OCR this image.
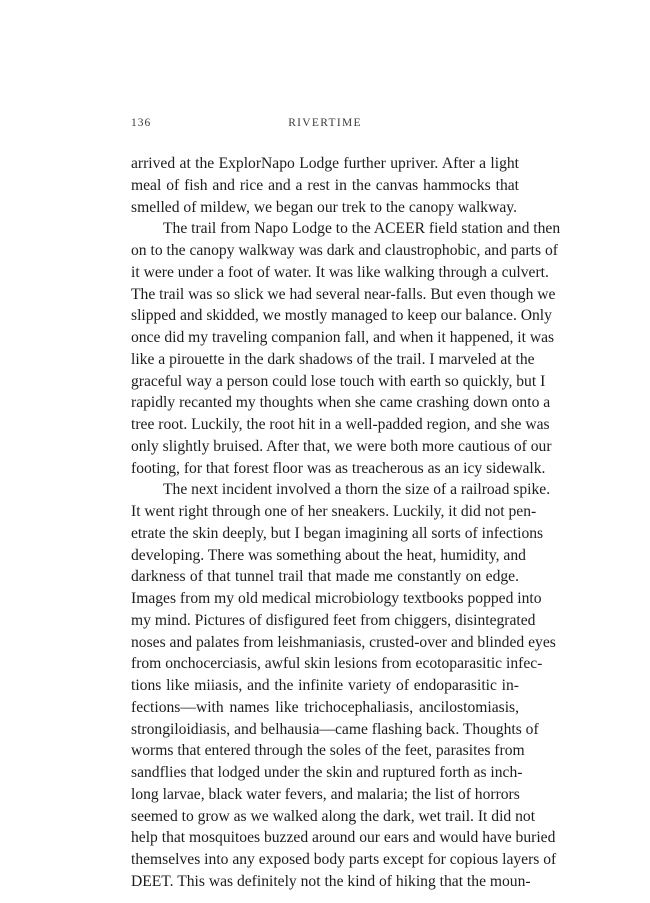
136	RIVERTIME
arrived at the ExplorNapo Lodge further upriver. After a light
meal of fish and rice and a rest in the canvas hammocks that
smelled of mildew, we began our trek to the canopy walkway.
The trail from Napo Lodge to the ACEER field station and then
on to the canopy walkway was dark and claustrophobic, and parts of
it were under a foot of water. It was like walking through a culvert.
The trail was so slick we had several near-falls. But even though we
slipped and skidded, we mostly managed to keep our balance. Only
once did my traveling companion fall, and when it happened, it was
like a pirouette in the dark shadows of the trail. I marveled at the
graceful way a person could lose touch with earth so quickly, but I
rapidly recanted my thoughts when she came crashing down onto a
tree root. Luckily, the root hit in a well-padded region, and she was
only slightly bruised. After that, we were both more cautious of our
footing, for that forest floor was as treacherous as an icy sidewalk.
The next incident involved a thorn the size of a railroad spike.
It went right through one of her sneakers. Luckily, it did not pen-
etrate the skin deeply, but I began imagining all sorts of infections
developing. There was something about the heat, humidity, and
darkness of that tunnel trail that made me constantly on edge.
Images from my old medical microbiology textbooks popped into
my mind. Pictures of disfigured feet from chiggers, disintegrated
noses and palates from leishmaniasis, crusted-over and blinded eyes
from onchocerciasis, awful skin lesions from ecotoparasitic infec-
tions like miiasis, and the infinite variety of endoparasitic in-
fections—with names like trichocephaliasis, ancilostomiasis,
strongiloidiasis, and belhausia—came flashing back. Thoughts of
worms that entered through the soles of the feet, parasites from
sandflies that lodged under the skin and ruptured forth as inch-
long larvae, black water fevers, and malaria; the list of horrors
seemed to grow as we walked along the dark, wet trail. It did not
help that mosquitoes buzzed around our ears and would have buried
themselves into any exposed body parts except for copious layers of
DEET. This was definitely not the kind of hiking that the moun-
